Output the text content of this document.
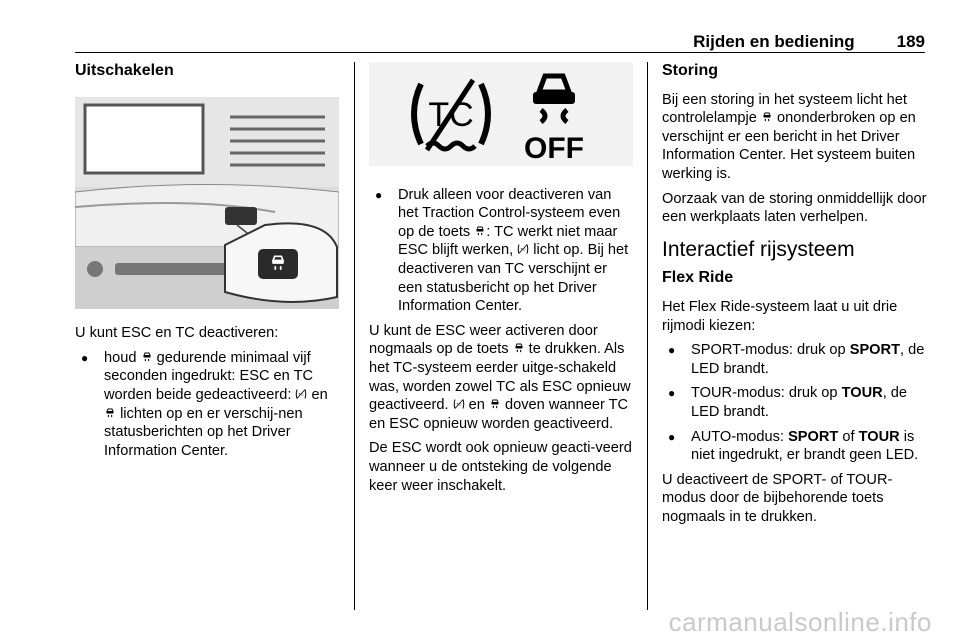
Rijden en bediening 189
Uitschakelen

U kunt ESC en TC deactiveren:

● houd gedurende minimaal vijf seconden ingedrukt: ESC en TC worden beide gedeactiveerd: en  lichten op en er verschij-nen statusberichten op het Driver Information Center.
TC
OFF
● Druk alleen voor deactiveren van het Traction Control-systeem even op de toets : TC werkt niet maar ESC blijft werken, licht op. Bij het deactiveren van TC verschijnt er een statusbericht op het Driver Information Center.

U kunt de ESC weer activeren door nogmaals op de toets te drukken. Als het TC-systeem eerder uitge-schakeld was, worden zowel TC als ESC opnieuw geactiveerd. en doven wanneer TC en ESC opnieuw worden geactiveerd.

De ESC wordt ook opnieuw geacti-veerd wanneer u de ontsteking de volgende keer weer inschakelt.

Storing

Bij een storing in het systeem licht het controlelampje ononderbroken op en verschijnt er een bericht in het Driver Information Center. Het systeem buiten werking is.

Oorzaak van de storing onmiddellijk door een werkplaats laten verhelpen.

Interactief rijsysteem
Flex Ride

Het Flex Ride-systeem laat u uit drie rijmodi kiezen:

● SPORT-modus: druk op SPORT, de LED brandt.
● TOUR-modus: druk op TOUR, de LED brandt.
● AUTO-modus: SPORT of TOUR is niet ingedrukt, er brandt geen LED.

U deactiveert de SPORT- of TOUR-modus door de bijbehorende toets nogmaals in te drukken.

carmanualsonline.info
